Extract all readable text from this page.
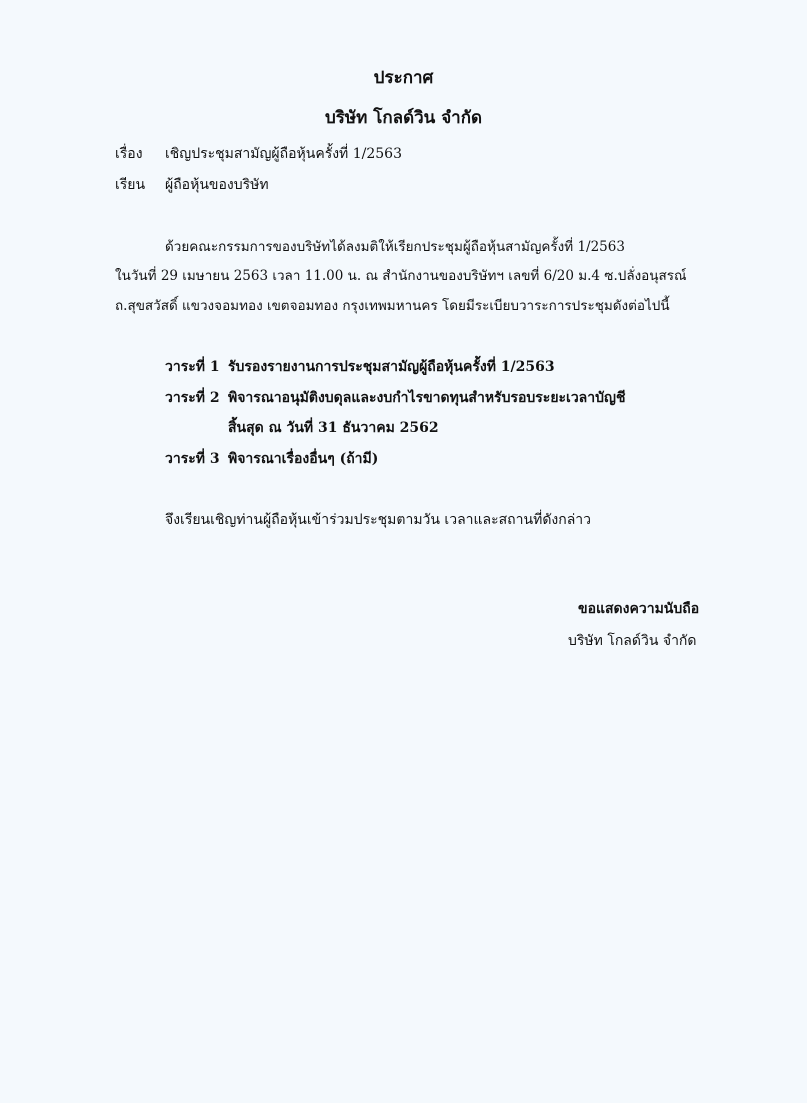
ประกาศ
บริษัท โกลด์วิน จำกัด
เรื่อง เชิญประชุมสามัญผู้ถือหุ้นครั้งที่ 1/2563
เรียน ผู้ถือหุ้นของบริษัท
ด้วยคณะกรรมการของบริษัทได้ลงมติให้เรียกประชุมผู้ถือหุ้นสามัญครั้งที่ 1/2563
ในวันที่ 29 เมษายน 2563 เวลา 11.00 น. ณ สำนักงานของบริษัทฯ เลขที่ 6/20 ม.4 ซ.ปลั่งอนุสรณ์
ถ.สุขสวัสดิ์ แขวงจอมทอง เขตจอมทอง กรุงเทพมหานคร โดยมีระเบียบวาระการประชุมดังต่อไปนี้
วาระที่ 1 รับรองรายงานการประชุมสามัญผู้ถือหุ้นครั้งที่ 1/2563
วาระที่ 2 พิจารณาอนุมัติงบดุลและงบกำไรขาดทุนสำหรับรอบระยะเวลาบัญชี
สิ้นสุด ณ วันที่ 31 ธันวาคม 2562
วาระที่ 3 พิจารณาเรื่องอื่นๆ (ถ้ามี)
จึงเรียนเชิญท่านผู้ถือหุ้นเข้าร่วมประชุมตามวัน เวลาและสถานที่ดังกล่าว
ขอแสดงความนับถือ
บริษัท โกลด์วิน จำกัด
